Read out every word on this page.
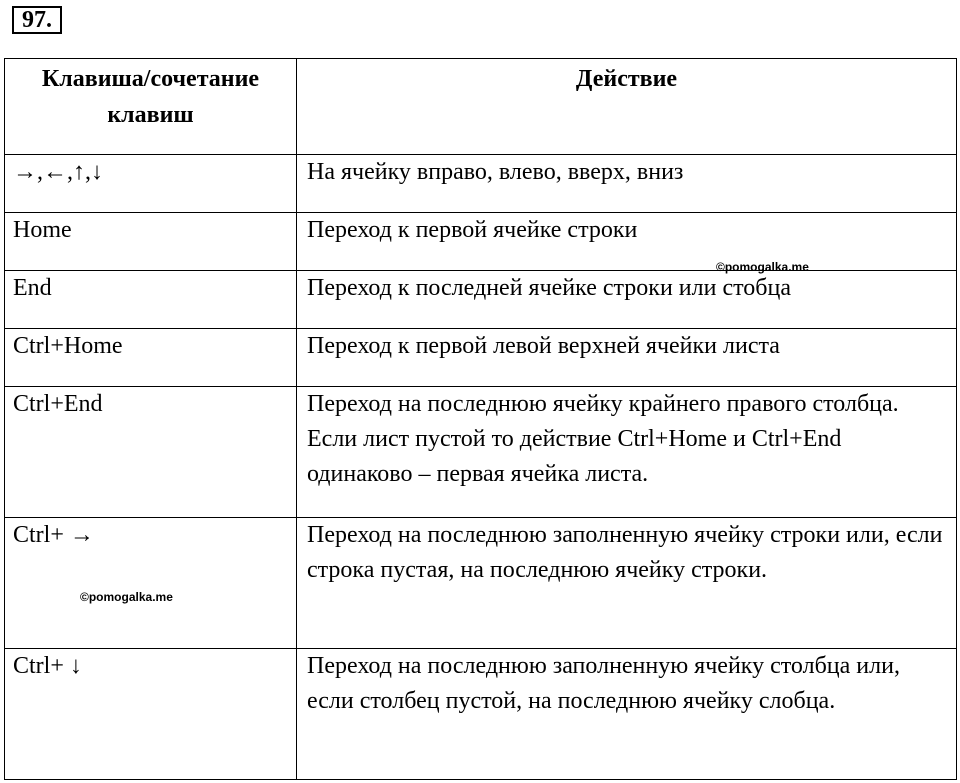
97.
Клавиша/сочетание клавиш	Действие
→,←,↑,↓	На ячейку вправо, влево, вверх, вниз
Home	Переход к первой ячейке строки
End	Переход к последней ячейке строки или стобца
Ctrl+Home	Переход к первой левой верхней ячейки листа
Ctrl+End	Переход на последнюю ячейку крайнего правого столбца. Если лист пустой то действие Ctrl+Home и Ctrl+End одинаково – первая ячейка листа.
Ctrl+ →	Переход на последнюю заполненную ячейку строки или, если строка пустая, на последнюю ячейку строки.
Ctrl+ ↓	Переход на последнюю заполненную ячейку столбца или, если столбец пустой, на последнюю ячейку слобца.
©pomogalka.me
©pomogalka.me
